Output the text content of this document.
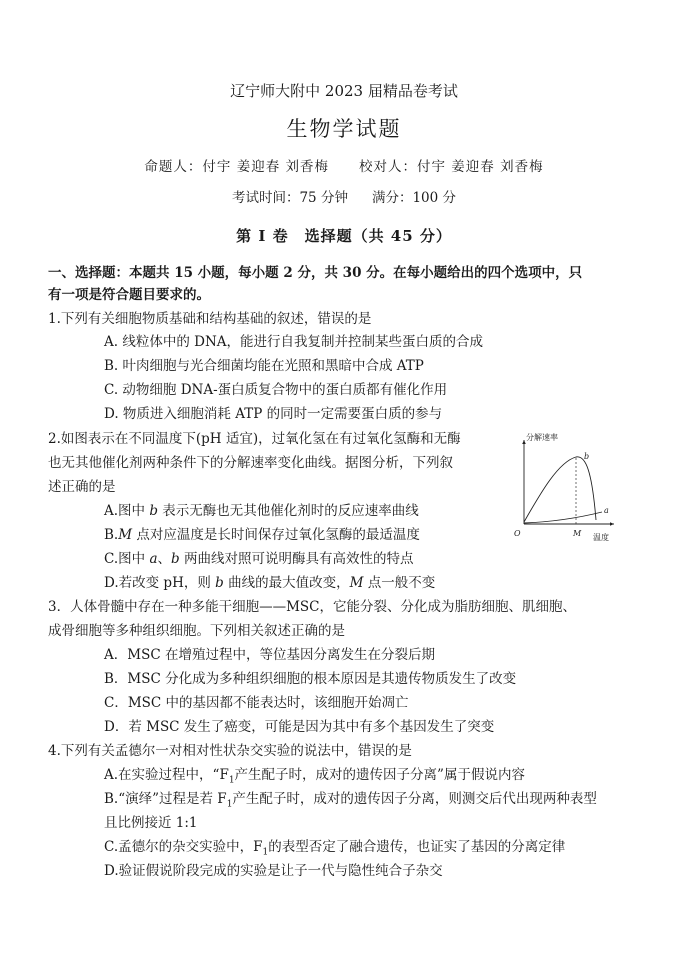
辽宁师大附中 2023 届精品卷考试
生物学试题
命题人：付宇 姜迎春 刘香梅 校对人：付宇 姜迎春 刘香梅
考试时间：75 分钟 满分：100 分
第 Ⅰ 卷　选择题（共 45 分）
一、选择题：本题共 15 小题，每小题 2 分，共 30 分。在每小题给出的四个选项中，只
有一项是符合题目要求的。
1.下列有关细胞物质基础和结构基础的叙述，错误的是
A. 线粒体中的 DNA，能进行自我复制并控制某些蛋白质的合成
B. 叶肉细胞与光合细菌均能在光照和黑暗中合成 ATP
C. 动物细胞 DNA-蛋白质复合物中的蛋白质都有催化作用
D. 物质进入细胞消耗 ATP 的同时一定需要蛋白质的参与
2.如图表示在不同温度下(pH 适宜)，过氧化氢在有过氧化氢酶和无酶
也无其他催化剂两种条件下的分解速率变化曲线。据图分析，下列叙
述正确的是
A.图中 b 表示无酶也无其他催化剂时的反应速率曲线
B.M 点对应温度是长时间保存过氧化氢酶的最适温度
C.图中 a、b 两曲线对照可说明酶具有高效性的特点
D.若改变 pH，则 b 曲线的最大值改变，M 点一般不变
分解速率
温度
O	M
b
a
3．人体骨髓中存在一种多能干细胞——MSC，它能分裂、分化成为脂肪细胞、肌细胞、
成骨细胞等多种组织细胞。下列相关叙述正确的是
A．MSC 在增殖过程中，等位基因分离发生在分裂后期
B．MSC 分化成为多种组织细胞的根本原因是其遗传物质发生了改变
C．MSC 中的基因都不能表达时，该细胞开始凋亡
D．若 MSC 发生了癌变，可能是因为其中有多个基因发生了突变
4.下列有关孟德尔一对相对性状杂交实验的说法中，错误的是
A.在实验过程中，“$F_1$产生配子时，成对的遗传因子分离”属于假说内容
B.“演绎”过程是若 $F_1$产生配子时，成对的遗传因子分离，则测交后代出现两种表型
且比例接近 1:1
C.孟德尔的杂交实验中，$F_1$的表型否定了融合遗传，也证实了基因的分离定律
D.验证假说阶段完成的实验是让子一代与隐性纯合子杂交
